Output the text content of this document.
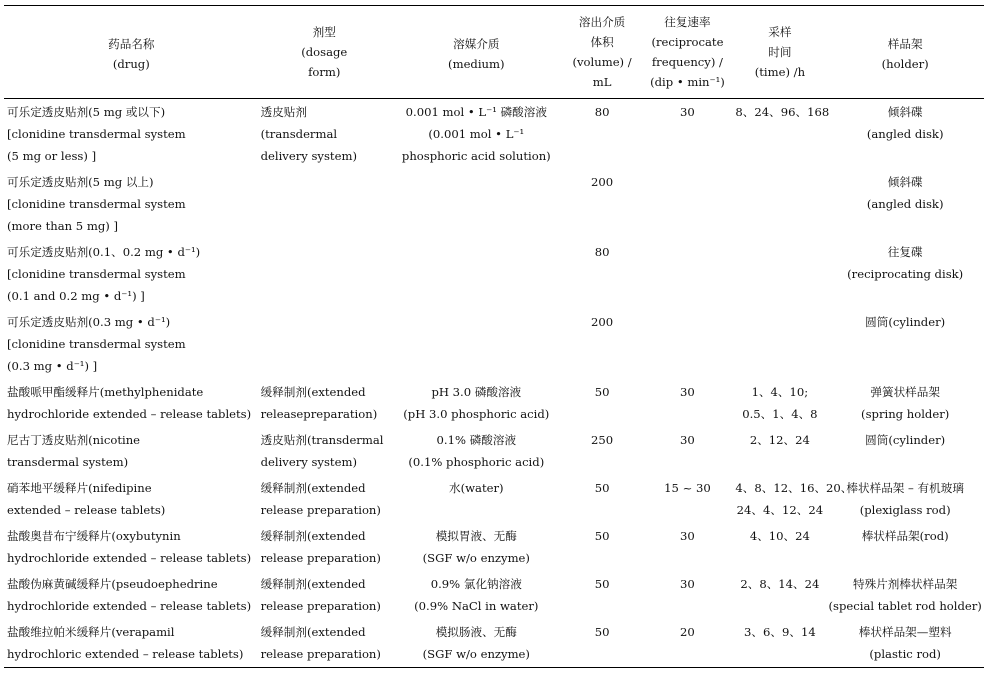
药品名称
(drug)	剂型
(dosage
form)	溶媒介质
(medium)	溶出介质
体积
(volume) /
mL	往复速率
(reciprocate
frequency) /
(dip • min⁻¹)	采样
时间
(time) /h	样品架
(holder)

可乐定透皮贴剂(5 mg 或以下)
[clonidine transdermal system
(5 mg or less) ]	透皮贴剂
(transdermal
delivery system)	0.001 mol • L⁻¹ 磷酸溶液
(0.001 mol • L⁻¹
phosphoric acid solution)	80	30	8、24、96、168	倾斜碟
(angled disk)

可乐定透皮贴剂(5 mg 以上)
[clonidine transdermal system
(more than 5 mg) ]			200			倾斜碟
(angled disk)

可乐定透皮贴剂(0.1、0.2 mg • d⁻¹)
[clonidine transdermal system
(0.1 and 0.2 mg • d⁻¹) ]			80			往复碟
(reciprocating disk)

可乐定透皮贴剂(0.3 mg • d⁻¹)
[clonidine transdermal system
(0.3 mg • d⁻¹) ]			200			圆筒(cylinder)

盐酸哌甲酯缓释片(methylphenidate
hydrochloride extended – release tablets)	缓释制剂(extended
releasepreparation)	pH 3.0 磷酸溶液
(pH 3.0 phosphoric acid)	50	30	1、4、10;
0.5、1、4、8	弹簧状样品架
(spring holder)

尼古丁透皮贴剂(nicotine
transdermal system)	透皮贴剂(transdermal
delivery system)	0.1% 磷酸溶液
(0.1% phosphoric acid)	250	30	2、12、24	圆筒(cylinder)

硝苯地平缓释片(nifedipine
extended – release tablets)	缓释制剂(extended
release preparation)	水(water)	50	15 ~ 30	4、8、12、16、20、
24、4、12、24	棒状样品架 – 有机玻璃
(plexiglass rod)

盐酸奥昔布宁缓释片(oxybutynin
hydrochloride extended – release tablets)	缓释制剂(extended
release preparation)	模拟胃液、无酶
(SGF w/o enzyme)	50	30	4、10、24	棒状样品架(rod)

盐酸伪麻黄碱缓释片(pseudoephedrine
hydrochloride extended – release tablets)	缓释制剂(extended
release preparation)	0.9% 氯化钠溶液
(0.9% NaCl in water)	50	30	2、8、14、24	特殊片剂棒状样品架
(special tablet rod holder)

盐酸维拉帕米缓释片(verapamil
hydrochloric extended – release tablets)	缓释制剂(extended
release preparation)	模拟肠液、无酶
(SGF w/o enzyme)	50	20	3、6、9、14	棒状样品架—塑料
(plastic rod)
